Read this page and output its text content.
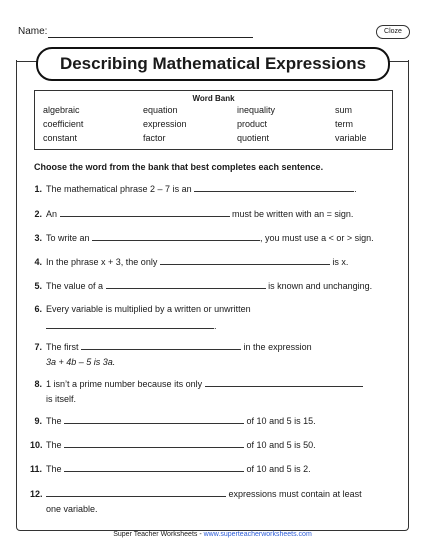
Name:	Cloze
Describing Mathematical Expressions
Word Bank
algebraic	equation	inequality	sum
coefficient	expression	product	term
constant	factor	quotient	variable
Choose the word from the bank that best completes each sentence.
1. The mathematical phrase 2 – 7 is an	.
2. An	must be written with an = sign.
3. To write an	, you must use a < or > sign.
4. In the phrase x + 3, the only	is x.
5. The value of a	is known and unchanging.
6. Every variable is multiplied by a written or unwritten
.
7. The first	in the expression
3a + 4b – 5 is 3a.
8. 1 isn’t a prime number because its only
is itself.
9. The	of 10 and 5 is 15.
10. The	of 10 and 5 is 50.
11. The	of 10 and 5 is 2.
12.	expressions must contain at least
one variable.
Super Teacher Worksheets - www.superteacherworksheets.com
